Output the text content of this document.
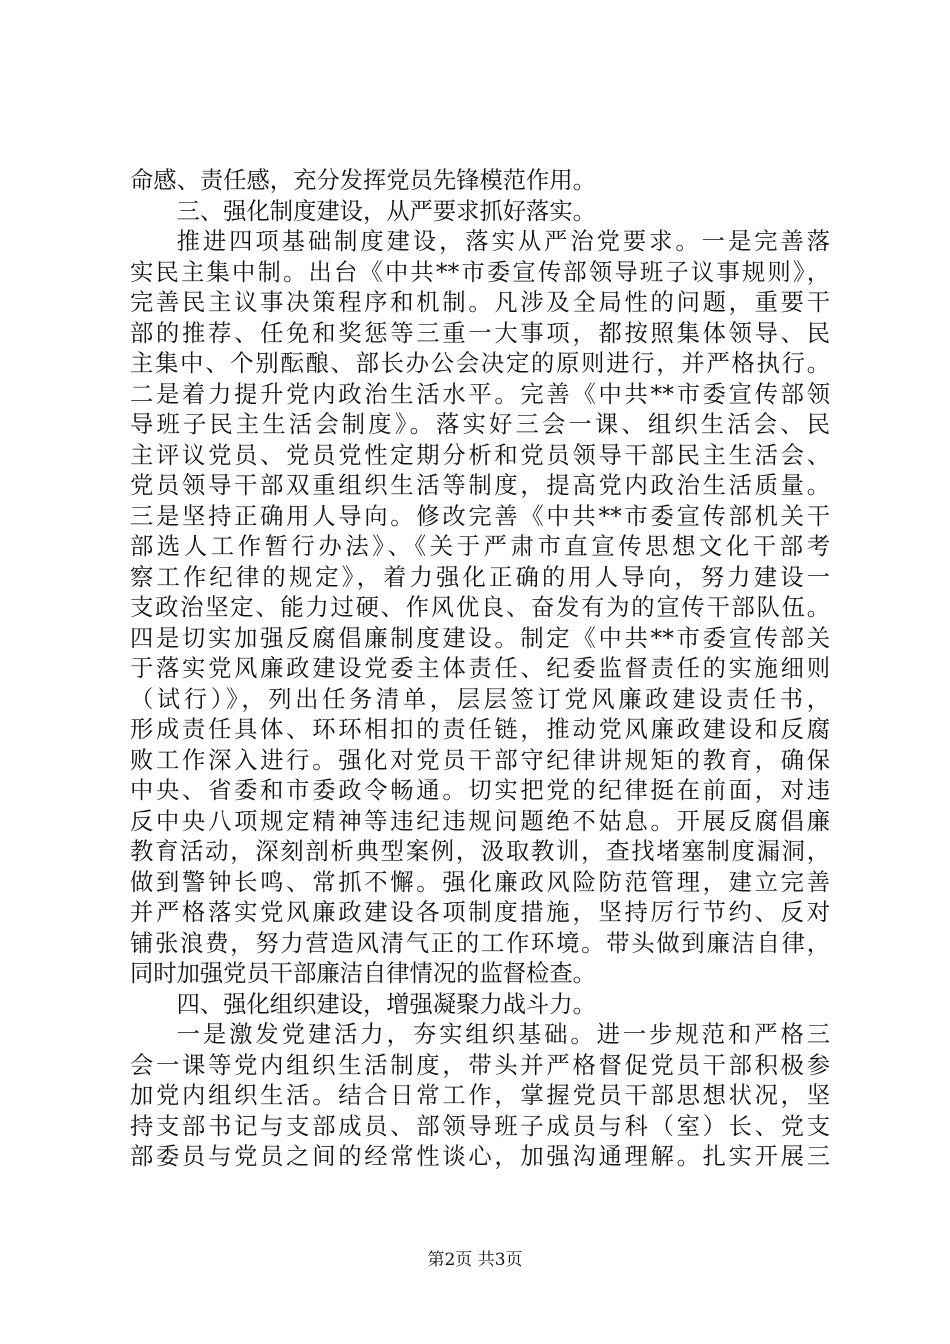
命感、责任感，充分发挥党员先锋模范作用。
三、强化制度建设，从严要求抓好落实。
推进四项基础制度建设，落实从严治党要求。一是完善落
实民主集中制。出台《中共**市委宣传部领导班子议事规则》，
完善民主议事决策程序和机制。凡涉及全局性的问题，重要干
部的推荐、任免和奖惩等三重一大事项，都按照集体领导、民
主集中、个别酝酿、部长办公会决定的原则进行，并严格执行。
二是着力提升党内政治生活水平。完善《中共**市委宣传部领
导班子民主生活会制度》。落实好三会一课、组织生活会、民
主评议党员、党员党性定期分析和党员领导干部民主生活会、
党员领导干部双重组织生活等制度，提高党内政治生活质量。
三是坚持正确用人导向。修改完善《中共**市委宣传部机关干
部选人工作暂行办法》、《关于严肃市直宣传思想文化干部考
察工作纪律的规定》，着力强化正确的用人导向，努力建设一
支政治坚定、能力过硬、作风优良、奋发有为的宣传干部队伍。
四是切实加强反腐倡廉制度建设。制定《中共**市委宣传部关
于落实党风廉政建设党委主体责任、纪委监督责任的实施细则
（试行）》，列出任务清单，层层签订党风廉政建设责任书，
形成责任具体、环环相扣的责任链，推动党风廉政建设和反腐
败工作深入进行。强化对党员干部守纪律讲规矩的教育，确保
中央、省委和市委政令畅通。切实把党的纪律挺在前面，对违
反中央八项规定精神等违纪违规问题绝不姑息。开展反腐倡廉
教育活动，深刻剖析典型案例，汲取教训，查找堵塞制度漏洞，
做到警钟长鸣、常抓不懈。强化廉政风险防范管理，建立完善
并严格落实党风廉政建设各项制度措施，坚持厉行节约、反对
铺张浪费，努力营造风清气正的工作环境。带头做到廉洁自律，
同时加强党员干部廉洁自律情况的监督检查。
四、强化组织建设，增强凝聚力战斗力。
一是激发党建活力，夯实组织基础。进一步规范和严格三
会一课等党内组织生活制度，带头并严格督促党员干部积极参
加党内组织生活。结合日常工作，掌握党员干部思想状况，坚
持支部书记与支部成员、部领导班子成员与科（室）长、党支
部委员与党员之间的经常性谈心，加强沟通理解。扎实开展三
第2页 共3页
